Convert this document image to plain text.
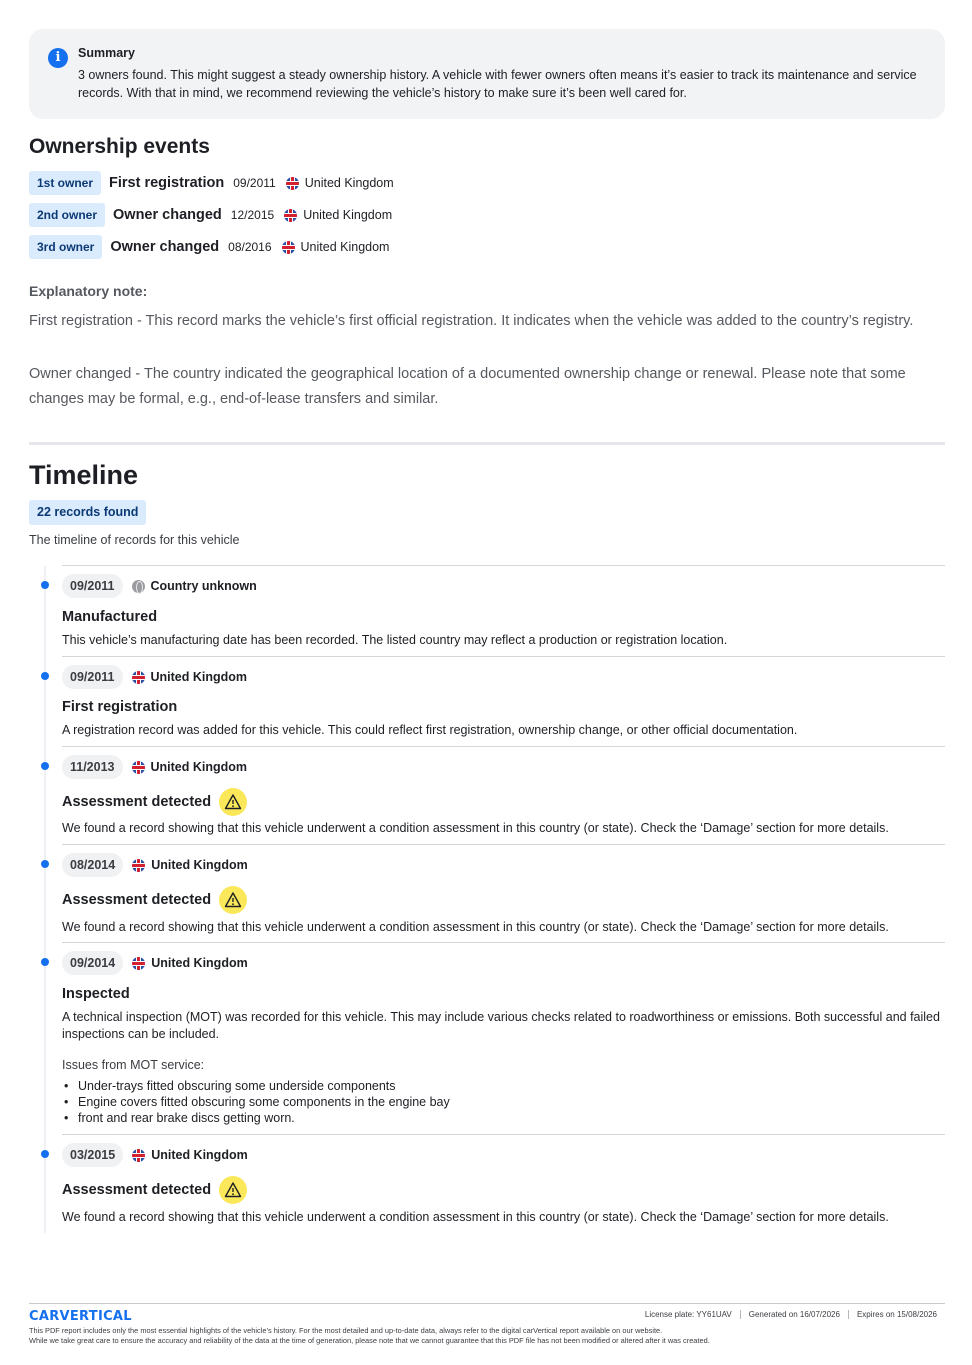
i	Summary
3 owners found. This might suggest a steady ownership history. A vehicle with fewer owners often means it’s easier to track its maintenance and service records. With that in mind, we recommend reviewing the vehicle’s history to make sure it’s been well cared for.
Ownership events
1st owner	First registration 09/2011 United Kingdom
2nd owner	Owner changed 12/2015 United Kingdom
3rd owner	Owner changed 08/2016 United Kingdom
Explanatory note:
First registration - This record marks the vehicle’s first official registration. It indicates when the vehicle was added to the country’s registry.
Owner changed - The country indicated the geographical location of a documented ownership change or renewal. Please note that some changes may be formal, e.g., end-of-lease transfers and similar.
Timeline
22 records found
The timeline of records for this vehicle
09/2011	Country unknown
Manufactured
This vehicle’s manufacturing date has been recorded. The listed country may reflect a production or registration location.
09/2011	United Kingdom
First registration
A registration record was added for this vehicle. This could reflect first registration, ownership change, or other official documentation.
11/2013	United Kingdom
Assessment detected
We found a record showing that this vehicle underwent a condition assessment in this country (or state). Check the ‘Damage’ section for more details.
08/2014	United Kingdom
Assessment detected
We found a record showing that this vehicle underwent a condition assessment in this country (or state). Check the ‘Damage’ section for more details.
09/2014	United Kingdom
Inspected
A technical inspection (MOT) was recorded for this vehicle. This may include various checks related to roadworthiness or emissions. Both successful and failed inspections can be included.
Issues from MOT service:
• Under-trays fitted obscuring some underside components
• Engine covers fitted obscuring some components in the engine bay
• front and rear brake discs getting worn.
03/2015	United Kingdom
Assessment detected
We found a record showing that this vehicle underwent a condition assessment in this country (or state). Check the ‘Damage’ section for more details.
CARVERTICAL	License plate: YY61UAV	Generated on 16/07/2026	Expires on 15/08/2026
This PDF report includes only the most essential highlights of the vehicle’s history. For the most detailed and up-to-date data, always refer to the digital carVertical report available on our website.
While we take great care to ensure the accuracy and reliability of the data at the time of generation, please note that we cannot guarantee that this PDF file has not been modified or altered after it was created.
